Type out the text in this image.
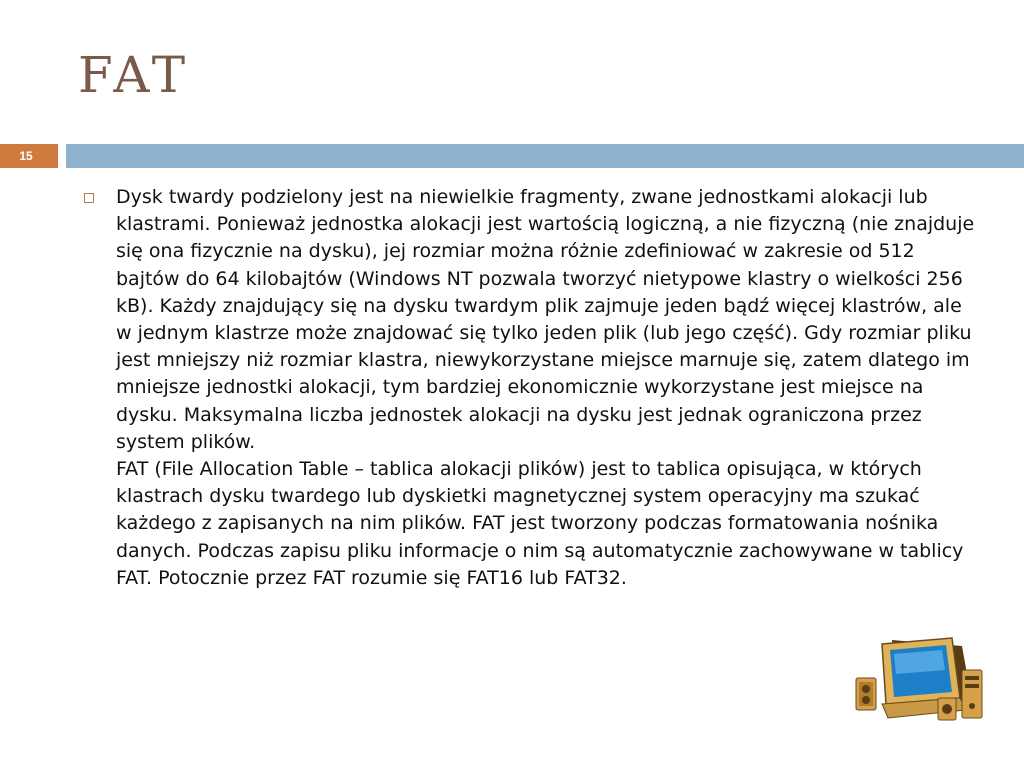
FAT
15

Dysk twardy podzielony jest na niewielkie fragmenty, zwane jednostkami alokacji lub klastrami. Ponieważ jednostka alokacji jest wartością logiczną, a nie fizyczną (nie znajduje się ona fizycznie na dysku), jej rozmiar można różnie zdefiniować w zakresie od 512 bajtów do 64 kilobajtów (Windows NT pozwala tworzyć nietypowe klastry o wielkości 256 kB). Każdy znajdujący się na dysku twardym plik zajmuje jeden bądź więcej klastrów, ale w jednym klastrze może znajdować się tylko jeden plik (lub jego część). Gdy rozmiar pliku jest mniejszy niż rozmiar klastra, niewykorzystane miejsce marnuje się, zatem dlatego im mniejsze jednostki alokacji, tym bardziej ekonomicznie wykorzystane jest miejsce na dysku. Maksymalna liczba jednostek alokacji na dysku jest jednak ograniczona przez system plików.

FAT (File Allocation Table – tablica alokacji plików) jest to tablica opisująca, w których klastrach dysku twardego lub dyskietki magnetycznej system operacyjny ma szukać każdego z zapisanych na nim plików. FAT jest tworzony podczas formatowania nośnika danych. Podczas zapisu pliku informacje o nim są automatycznie zachowywane w tablicy FAT. Potocznie przez FAT rozumie się FAT16 lub FAT32.
